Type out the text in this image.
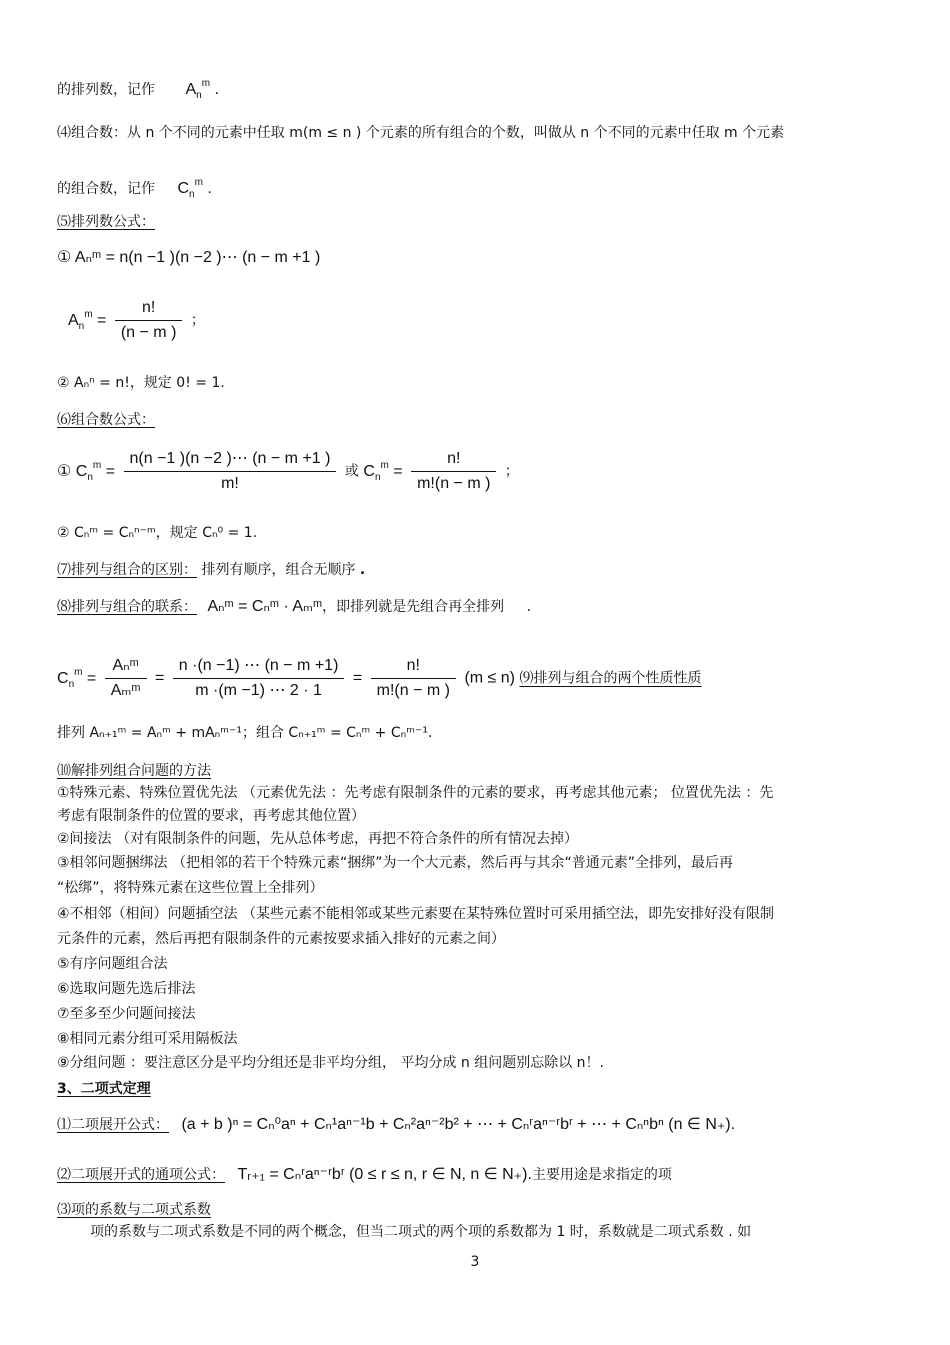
的排列数，记作 $A_n^m$ .
⑷组合数：从 n 个不同的元素中任取 m(m ≤ n ) 个元素的所有组合的个数，叫做从 n 个不同的元素中任取 m 个元素
的组合数，记作 $C_n^m$ .
⑸排列数公式：
① Aₙᵐ = n(n −1 )(n −2 )⋯ (n − m +1 )
$A_n^m = \frac{n!}{(n - m )}$ ；
② Aₙⁿ = n!，规定 0! = 1.
⑹组合数公式：
① $C_n^m = \frac{n(n -1 )(n -2 )\cdots (n - m +1 )}{m!}$ 或 $C_n^m = \frac{n!}{m!(n - m )}$ ；
② Cₙᵐ = Cₙⁿ⁻ᵐ，规定 Cₙ⁰ = 1.
⑺排列与组合的区别： 排列有顺序，组合无顺序 .
⑻排列与组合的联系： Aₙᵐ = Cₙᵐ · Aₘᵐ，即排列就是先组合再全排列 .
$C_n^m = \frac{\text{Aₙᵐ}}{\text{Aₘᵐ}} = \frac{n \cdot(n -1) \cdots (n - m +1)}{m \cdot(m -1) \cdots 2 \cdot 1} = \frac{n!}{m!(n - m )} (m \le n)$ ⑼排列与组合的两个性质性质
排列 Aₙ₊₁ᵐ = Aₙᵐ + mAₙᵐ⁻¹；组合 Cₙ₊₁ᵐ = Cₙᵐ + Cₙᵐ⁻¹.
⑽解排列组合问题的方法
①特殊元素、特殊位置优先法 （元素优先法 ：先考虑有限制条件的元素的要求，再考虑其他元素； 位置优先法 ：先
考虑有限制条件的位置的要求，再考虑其他位置）
②间接法 （对有限制条件的问题，先从总体考虑，再把不符合条件的所有情况去掉）
③相邻问题捆绑法 （把相邻的若干个特殊元素“捆绑”为一个大元素，然后再与其余“普通元素”全排列，最后再
“松绑”，将特殊元素在这些位置上全排列）
④不相邻（相间）问题插空法 （某些元素不能相邻或某些元素要在某特殊位置时可采用插空法，即先安排好没有限制
元条件的元素，然后再把有限制条件的元素按要求插入排好的元素之间）
⑤有序问题组合法
⑥选取问题先选后排法
⑦至多至少问题间接法
⑧相同元素分组可采用隔板法
⑨分组问题 ：要注意区分是平均分组还是非平均分组， 平均分成 n 组问题别忘除以 n！.
3、二项式定理
⑴二项展开公式： (a + b )ⁿ = Cₙ⁰aⁿ + Cₙ¹aⁿ⁻¹b + Cₙ²aⁿ⁻²b² + ⋯ + Cₙʳaⁿ⁻ʳbʳ + ⋯ + Cₙⁿbⁿ (n ∈ N₊).
⑵二项展开式的通项公式： Tᵣ₊₁ = Cₙʳaⁿ⁻ʳbʳ (0 ≤ r ≤ n, r ∈ N, n ∈ N₊).主要用途是求指定的项
⑶项的系数与二项式系数
项的系数与二项式系数是不同的两个概念，但当二项式的两个项的系数都为 1 时，系数就是二项式系数 . 如
3
